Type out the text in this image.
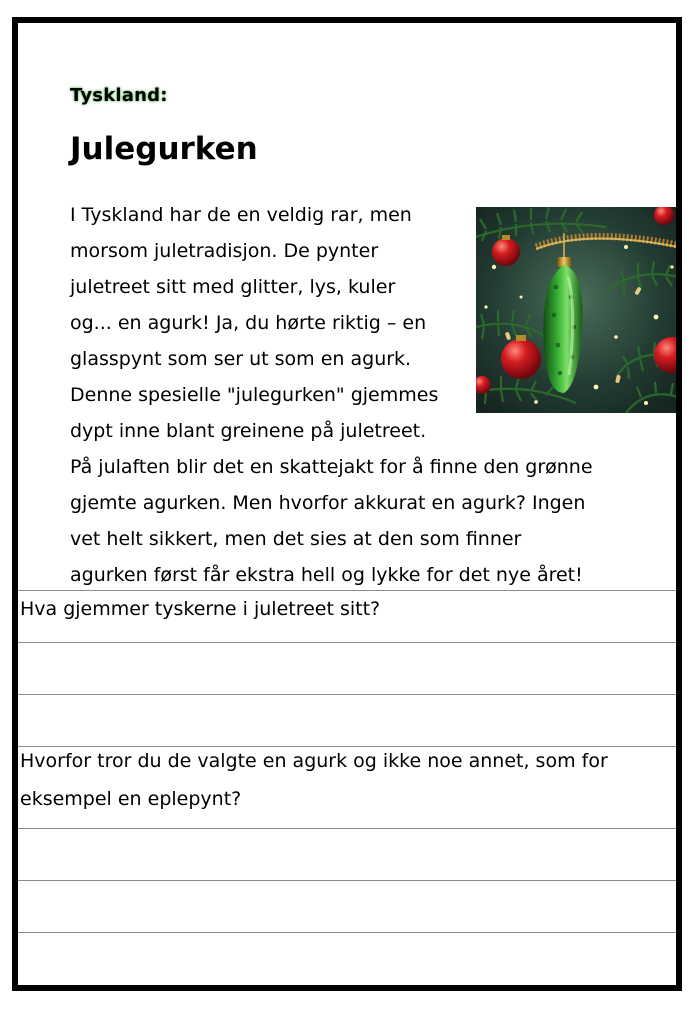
Tyskland:
Julegurken
I Tyskland har de en veldig rar, men
morsom juletradisjon. De pynter
juletreet sitt med glitter, lys, kuler
og... en agurk! Ja, du hørte riktig – en
glasspynt som ser ut som en agurk.
Denne spesielle "julegurken" gjemmes
dypt inne blant greinene på juletreet.
På julaften blir det en skattejakt for å finne den grønne
gjemte agurken. Men hvorfor akkurat en agurk? Ingen
vet helt sikkert, men det sies at den som finner
agurken først får ekstra hell og lykke for det nye året!
Hva gjemmer tyskerne i juletreet sitt?
Hvorfor tror du de valgte en agurk og ikke noe annet, som for
eksempel en eplepynt?
